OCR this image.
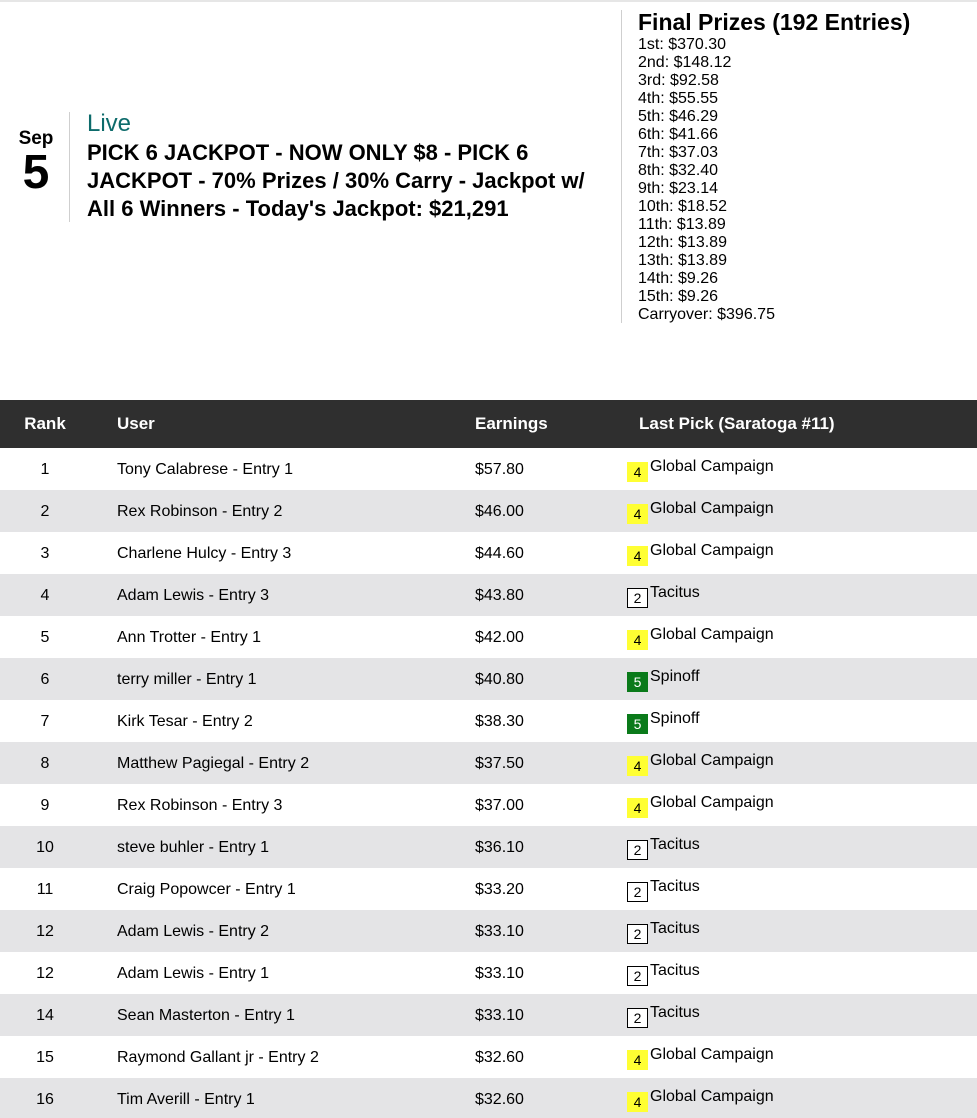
Sep
5
Live
PICK 6 JACKPOT - NOW ONLY $8 - PICK 6 JACKPOT - 70% Prizes / 30% Carry - Jackpot w/ All 6 Winners - Today's Jackpot: $21,291
Final Prizes (192 Entries)
1st: $370.30
2nd: $148.12
3rd: $92.58
4th: $55.55
5th: $46.29
6th: $41.66
7th: $37.03
8th: $32.40
9th: $23.14
10th: $18.52
11th: $13.89
12th: $13.89
13th: $13.89
14th: $9.26
15th: $9.26
Carryover: $396.75
Rank	User	Earnings	Last Pick (Saratoga #11)
1	Tony Calabrese - Entry 1	$57.80	4 Global Campaign
2	Rex Robinson - Entry 2	$46.00	4 Global Campaign
3	Charlene Hulcy - Entry 3	$44.60	4 Global Campaign
4	Adam Lewis - Entry 3	$43.80	2 Tacitus
5	Ann Trotter - Entry 1	$42.00	4 Global Campaign
6	terry miller - Entry 1	$40.80	5 Spinoff
7	Kirk Tesar - Entry 2	$38.30	5 Spinoff
8	Matthew Pagiegal - Entry 2	$37.50	4 Global Campaign
9	Rex Robinson - Entry 3	$37.00	4 Global Campaign
10	steve buhler - Entry 1	$36.10	2 Tacitus
11	Craig Popowcer - Entry 1	$33.20	2 Tacitus
12	Adam Lewis - Entry 2	$33.10	2 Tacitus
12	Adam Lewis - Entry 1	$33.10	2 Tacitus
14	Sean Masterton - Entry 1	$33.10	2 Tacitus
15	Raymond Gallant jr - Entry 2	$32.60	4 Global Campaign
16	Tim Averill - Entry 1	$32.60	4 Global Campaign
